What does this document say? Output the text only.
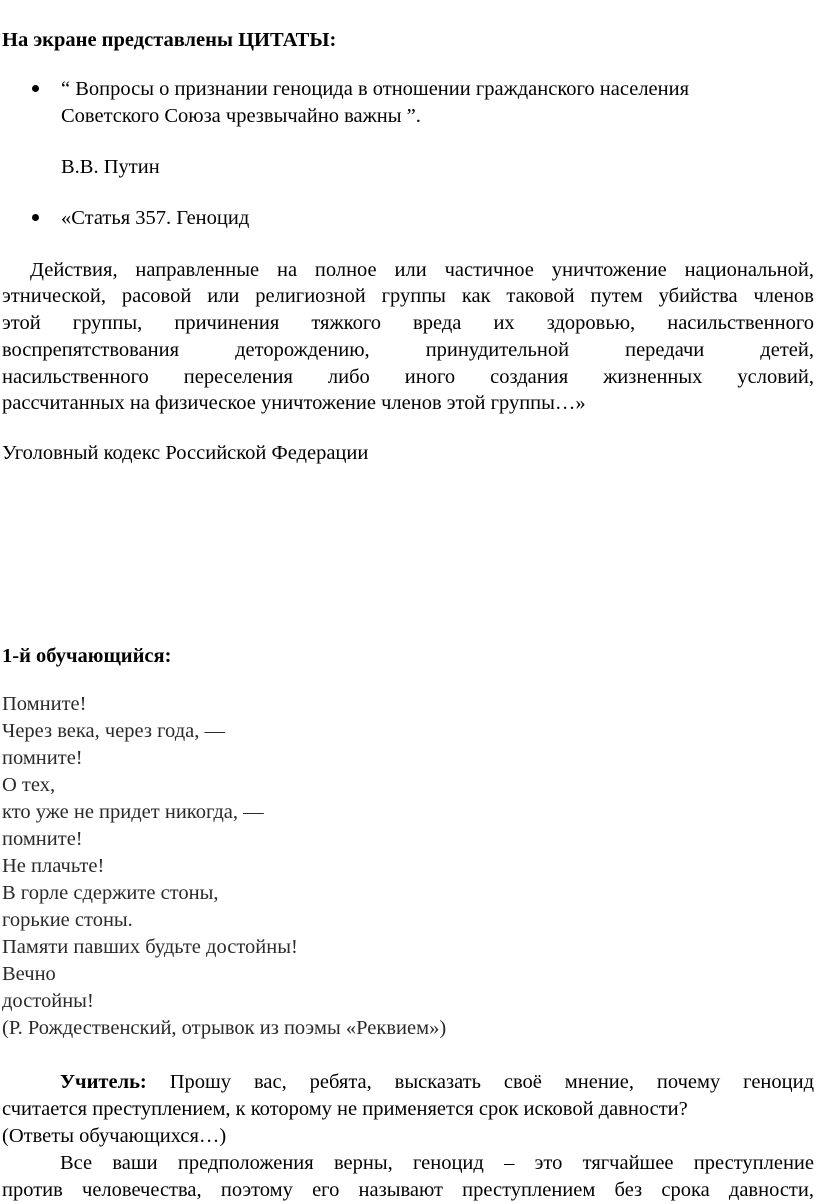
На экране представлены ЦИТАТЫ:
“ Вопросы о признании геноцида в отношении гражданского населения
Советского Союза чрезвычайно важны ”.
В.В. Путин
«Статья 357. Геноцид
Действия, направленные на полное или частичное уничтожение национальной,
этнической, расовой или религиозной группы как таковой путем убийства членов
этой группы, причинения тяжкого вреда их здоровью, насильственного
воспрепятствования деторождению, принудительной передачи детей,
насильственного переселения либо иного создания жизненных условий,
рассчитанных на физическое уничтожение членов этой группы…»
Уголовный кодекс Российской Федерации
1-й обучающийся:
Помните!
Через века, через года, —
помните!
О тех,
кто уже не придет никогда, —
помните!
Не плачьте!
В горле сдержите стоны,
горькие стоны.
Памяти павших будьте достойны!
Вечно
достойны!
(Р. Рождественский, отрывок из поэмы «Реквием»)
Учитель: Прошу вас, ребята, высказать своё мнение, почему геноцид
считается преступлением, к которому не применяется срок исковой давности?
(Ответы обучающихся…)
Все ваши предположения верны, геноцид – это тягчайшее преступление
против человечества, поэтому его называют преступлением без срока давности,
